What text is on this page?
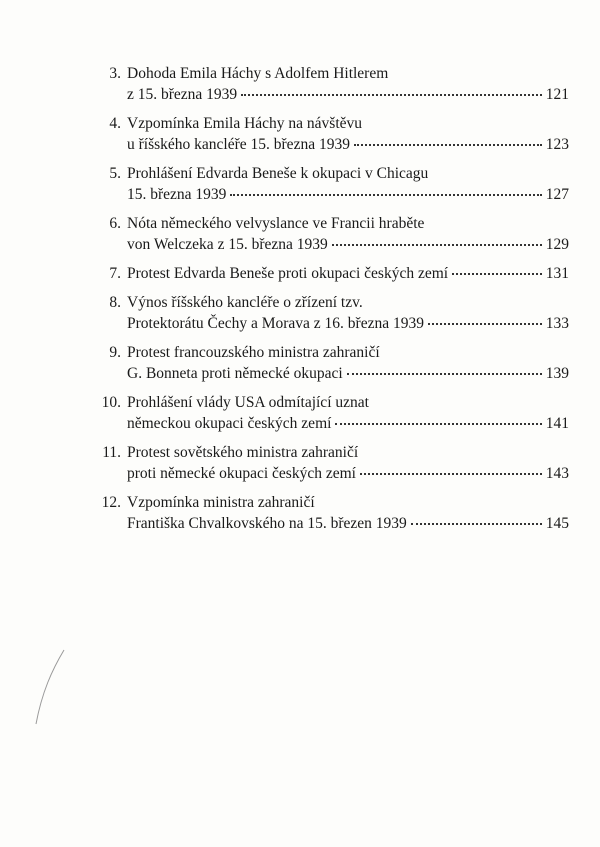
3. Dohoda Emila Háchy s Adolfem Hitlerem
z 15. března 1939	121
4. Vzpomínka Emila Háchy na návštěvu
u říšského kancléře 15. března 1939	123
5. Prohlášení Edvarda Beneše k okupaci v Chicagu
15. března 1939	127
6. Nóta německého velvyslance ve Francii hraběte
von Welczeka z 15. března 1939	129
7. Protest Edvarda Beneše proti okupaci českých zemí	131
8. Výnos říšského kancléře o zřízení tzv.
Protektorátu Čechy a Morava z 16. března 1939	133
9. Protest francouzského ministra zahraničí
G. Bonneta proti německé okupaci	139
10. Prohlášení vlády USA odmítající uznat
německou okupaci českých zemí	141
11. Protest sovětského ministra zahraničí
proti německé okupaci českých zemí	143
12. Vzpomínka ministra zahraničí
Františka Chvalkovského na 15. březen 1939	145
